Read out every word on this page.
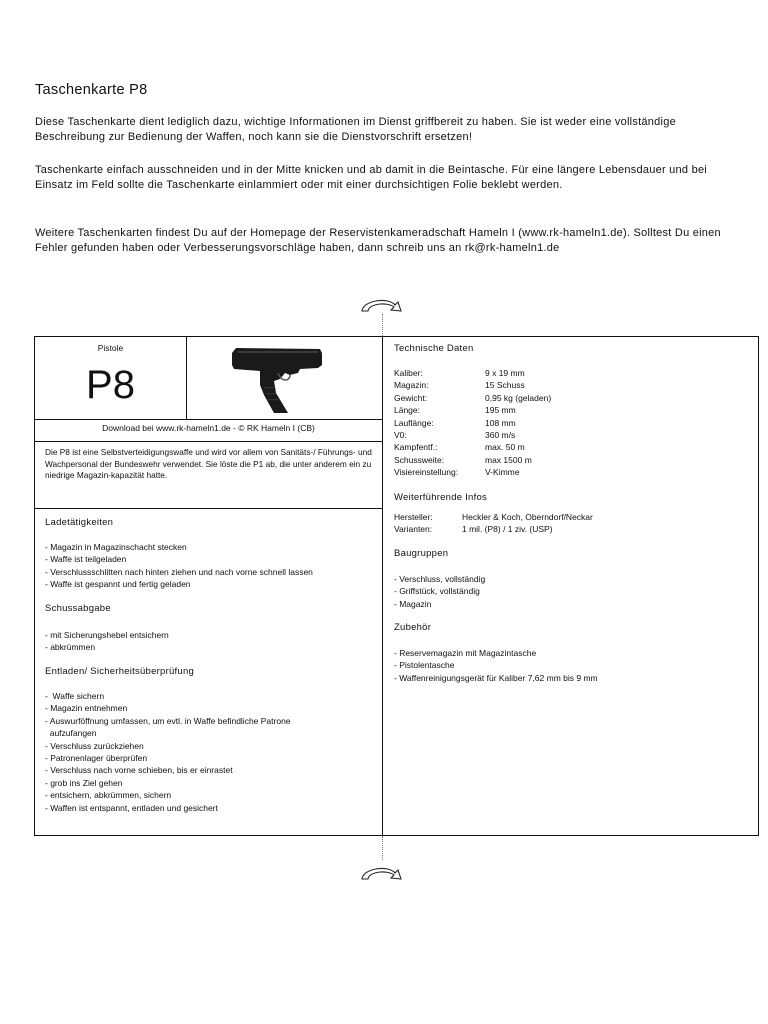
Taschenkarte P8

Diese Taschenkarte dient lediglich dazu, wichtige Informationen im Dienst griffbereit zu haben. Sie ist weder eine vollständige Beschreibung zur Bedienung der Waffen, noch kann sie die Dienstvorschrift ersetzen!

Taschenkarte einfach ausschneiden und in der Mitte knicken und ab damit in die Beintasche. Für eine längere Lebensdauer und bei Einsatz im Feld sollte die Taschenkarte einlammiert oder mit einer durchsichtigen Folie beklebt werden.

Weitere Taschenkarten findest Du auf der Homepage der Reservistenkameradschaft Hameln I (www.rk-hameln1.de). Solltest Du einen Fehler gefunden haben oder Verbesserungsvorschläge haben, dann schreib uns an rk@rk-hameln1.de

Pistole
P8
Download bei www.rk-hameln1.de - © RK Hameln I (CB)

Die P8 ist eine Selbstverteidigungswaffe und wird vor allem von Sanitäts-/ Führungs- und Wachpersonal der Bundeswehr verwendet. Sie löste die P1 ab, die unter anderem ein zu niedrige Magazin-kapazität hatte.

Ladetätigkeiten
- Magazin in Magazinschacht stecken
- Waffe ist teilgeladen
- Verschlussschlitten nach hinten ziehen und nach vorne schnell lassen
- Waffe ist gespannt und fertig geladen
Schussabgabe
- mit Sicherungshebel entsichern
- abkrümmen
Entladen/ Sicherheitsüberprüfung
-  Waffe sichern
- Magazin entnehmen
- Auswurföffnung umfassen, um evtl. in Waffe befindliche Patrone
aufzufangen
- Verschluss zurückziehen
- Patronenlager überprüfen
- Verschluss nach vorne schieben, bis er einrastet
- grob ins Ziel gehen
- entsichern, abkrümmen, sichern
- Waffen ist entspannt, entladen und gesichert
Technische Daten
Kaliber:	9 x 19 mm
Magazin:	15 Schuss
Gewicht:	0,95 kg (geladen)
Länge:	195 mm
Lauflänge:	108 mm
V0:	360 m/s
Kampfentf.:	max. 50 m
Schussweite:	max 1500 m
Visiereinstellung:	V-Kimme
Weiterführende Infos
Hersteller:	Heckler & Koch, Oberndorf/Neckar
Varianten:	1 mil. (P8) / 1 ziv. (USP)
Baugruppen
- Verschluss, vollständig
- Griffstück, vollständig
- Magazin
Zubehör
- Reservemagazin mit Magazintasche
- Pistolentasche
- Waffenreinigungsgerät für Kaliber 7,62 mm bis 9 mm
